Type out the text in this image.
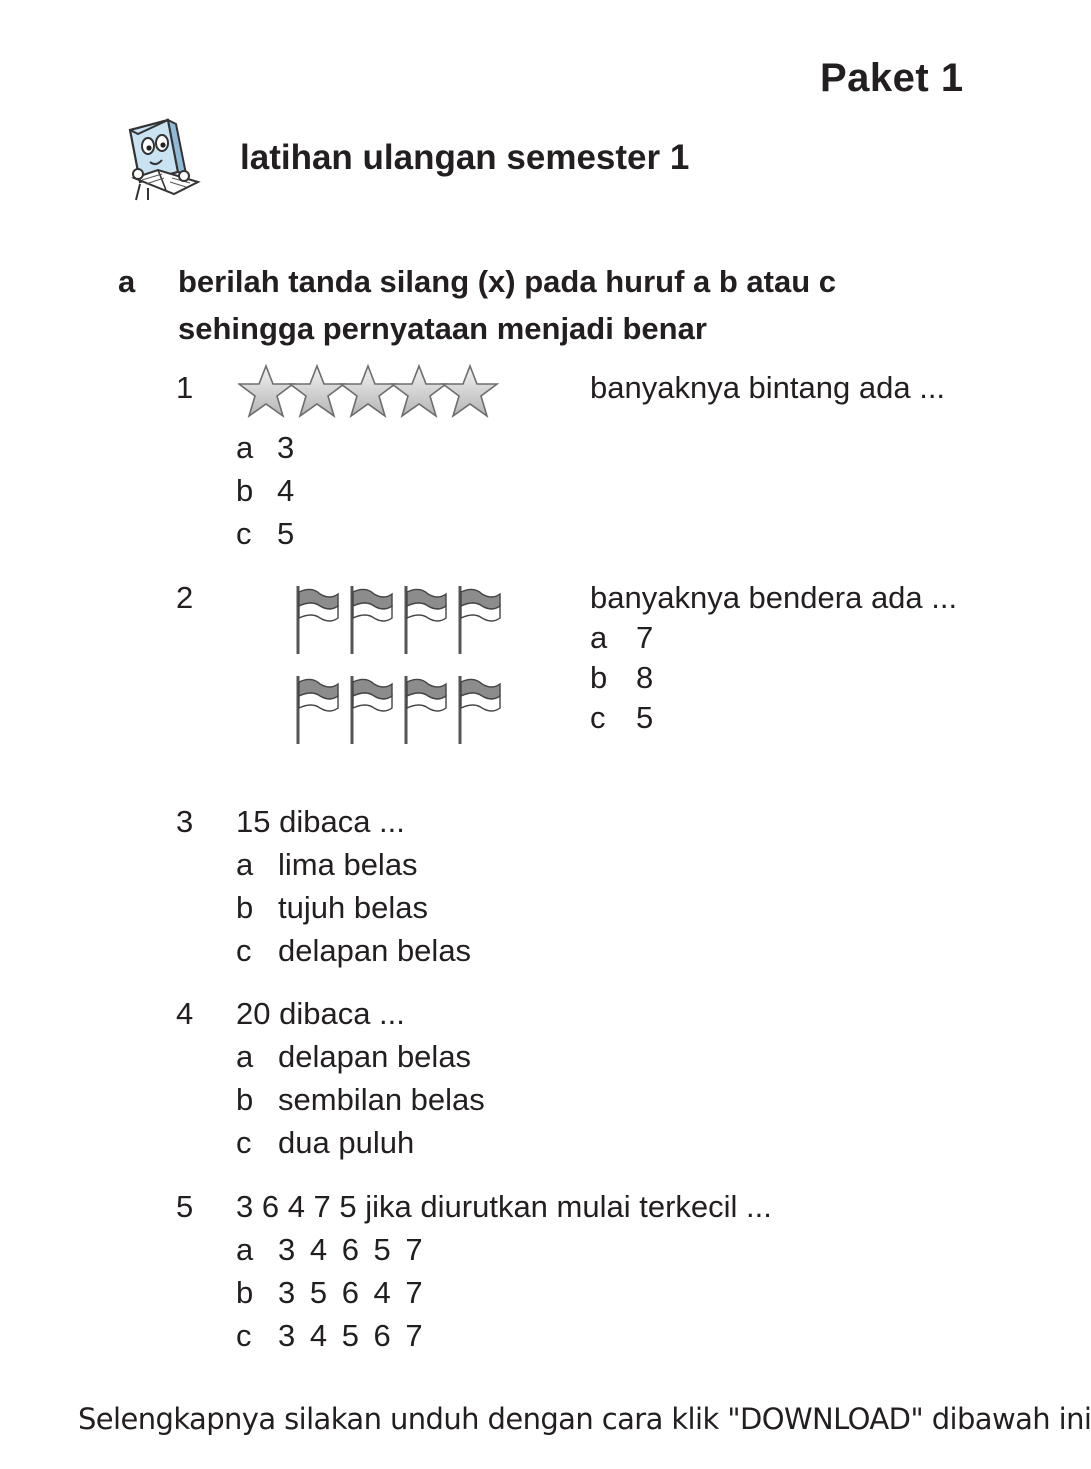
Paket 1
latihan ulangan semester 1
a berilah tanda silang (x) pada huruf a b atau c
sehingga pernyataan menjadi benar
1	banyaknya bintang ada ...
a 3
b 4
c 5
2	banyaknya bendera ada ...
a 7
b 8
c 5
3 15 dibaca ...
a lima belas
b tujuh belas
c delapan belas
4 20 dibaca ...
a delapan belas
b sembilan belas
c dua puluh
5 3 6 4 7 5 jika diurutkan mulai terkecil ...
a 3 4 6 5 7
b 3 5 6 4 7
c 3 4 5 6 7
Selengkapnya silakan unduh dengan cara klik "DOWNLOAD" dibawah ini
